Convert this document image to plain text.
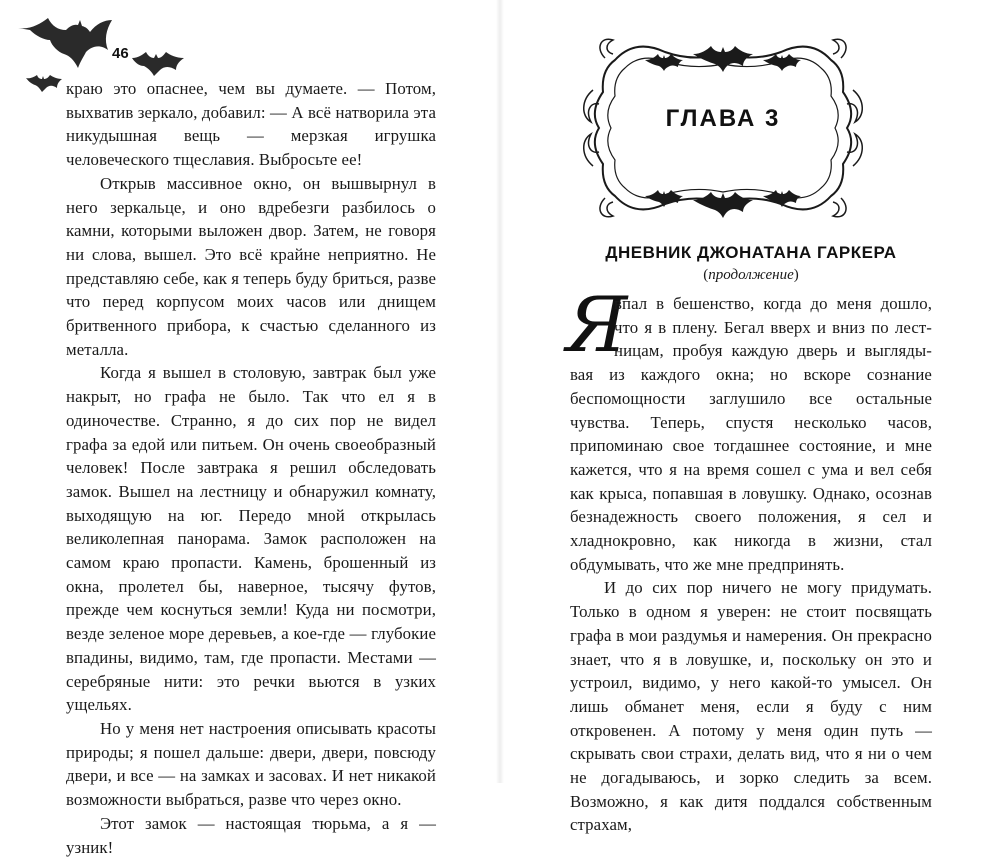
46

краю это опаснее, чем вы думаете. — Потом, выхватив зеркало, добавил: — А всё натворила эта никудышная вещь — мерзкая игрушка человеческого тщеславия. Выбросьте ее!

Открыв массивное окно, он вышвырнул в него зеркальце, и оно вдребезги разбилось о камни, которыми выложен двор. Затем, не говоря ни слова, вышел. Это всё крайне неприятно. Не представляю себе, как я теперь буду бриться, разве что перед корпусом моих часов или днищем бритвенного прибора, к счастью сделанного из металла.

Когда я вышел в столовую, завтрак был уже накрыт, но графа не было. Так что ел я в одиночестве. Странно, я до сих пор не видел графа за едой или питьем. Он очень своеобразный человек! После завтрака я решил обследовать замок. Вышел на лестницу и обнаружил комнату, выходящую на юг. Передо мной открылась великолепная панорама. Замок расположен на самом краю пропасти. Камень, брошенный из окна, пролетел бы, наверное, тысячу футов, прежде чем коснуться земли! Куда ни посмотри, везде зеленое море деревьев, а кое-где — глубокие впадины, видимо, там, где пропасти. Местами — серебряные нити: это речки вьются в узких ущельях.

Но у меня нет настроения описывать красоты природы; я пошел дальше: двери, двери, повсюду двери, и все — на замках и засовах. И нет никакой возможности выбраться, разве что через окно.

Этот замок — настоящая тюрьма, а я — узник!

ГЛАВА 3
ДНЕВНИК ДЖОНАТАНА ГАРКЕРА
(продолжение)
Я
впал в бешенство, когда до меня дошло,
что я в плену. Бегал вверх и вниз по лест-
ницам, пробуя каждую дверь и выгляды-

вая из каждого окна; но вскоре сознание беспомощности заглушило все остальные чувства. Теперь, спустя несколько часов, припоминаю свое тогдашнее состояние, и мне кажется, что я на время сошел с ума и вел себя как крыса, попавшая в ловушку. Однако, осознав безнадежность своего положения, я сел и хладнокровно, как никогда в жизни, стал обдумывать, что же мне предпринять.

И до сих пор ничего не могу придумать. Только в одном я уверен: не стоит посвящать графа в мои раздумья и намерения. Он прекрасно знает, что я в ловушке, и, поскольку он это и устроил, видимо, у него какой-то умысел. Он лишь обманет меня, если я буду с ним откровенен. А потому у меня один путь — скрывать свои страхи, делать вид, что я ни о чем не догадываюсь, и зорко следить за всем. Возможно, я как дитя поддался собственным страхам,
